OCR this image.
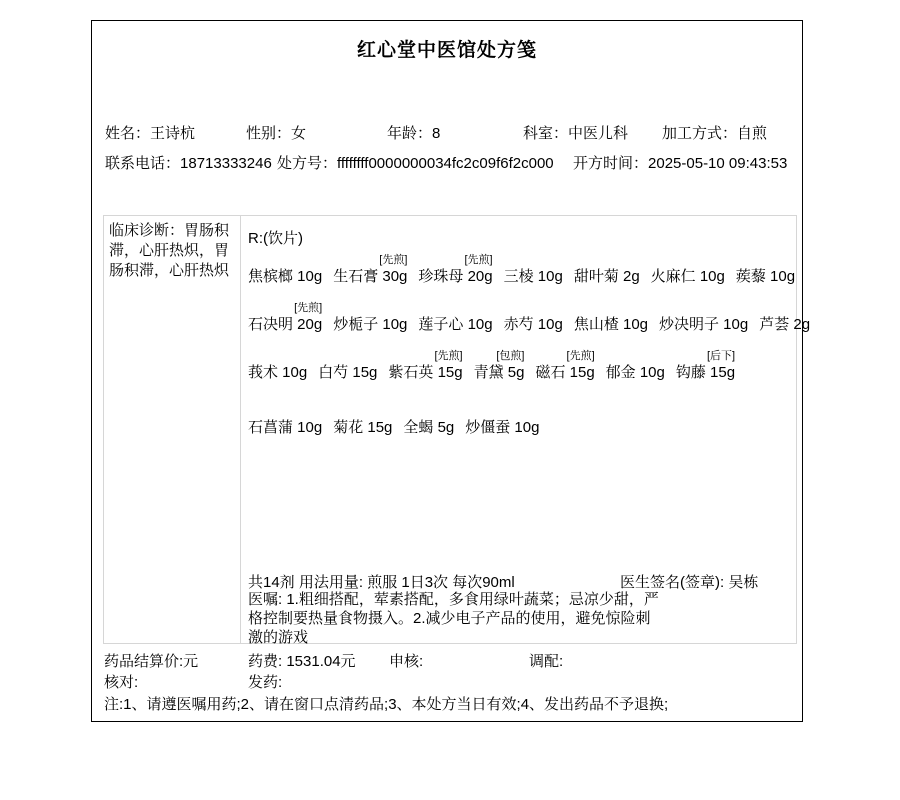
红心堂中医馆处方笺
姓名：王诗杭	性别：女	年龄：8	科室：中医儿科 加工方式：自煎
联系电话：18713333246 处方号：ffffffff0000000034fc2c09f6f2c000 开方时间：2025-05-10 09:43:53
临床诊断：胃肠积滞，心肝热炽，胃肠积滞，心肝热炽
R:(饮片)
焦槟榔 10g
[先煎]
生石膏 30g
[先煎]
珍珠母 20g 三棱 10g 甜叶菊 2g 火麻仁 10g 蒺藜 10g
[先煎]
石决明 20g 炒栀子 10g 莲子心 10g 赤芍 10g 焦山楂 10g 炒决明子 10g 芦荟 2g
莪术 10g 白芍 15g
[先煎]
紫石英 15g
[包煎]
青黛 5g
[先煎]
磁石 15g 郁金 10g
[后下]
钩藤 15g
石菖蒲 10g 菊花 15g 全蝎 5g 炒僵蚕 10g
共14剂 用法用量: 煎服 1日3次 每次90ml	医生签名(签章): 吴栋
医嘱: 1.粗细搭配，荤素搭配，多食用绿叶蔬菜；忌凉少甜，严格控制要热量食物摄入。2.减少电子产品的使用，避免惊险刺激的游戏
药品结算价:元	药费: 1531.04元 申核:	调配:
核对:	发药:
注:1、请遵医嘱用药;2、请在窗口点清药品;3、本处方当日有效;4、发出药品不予退换;
